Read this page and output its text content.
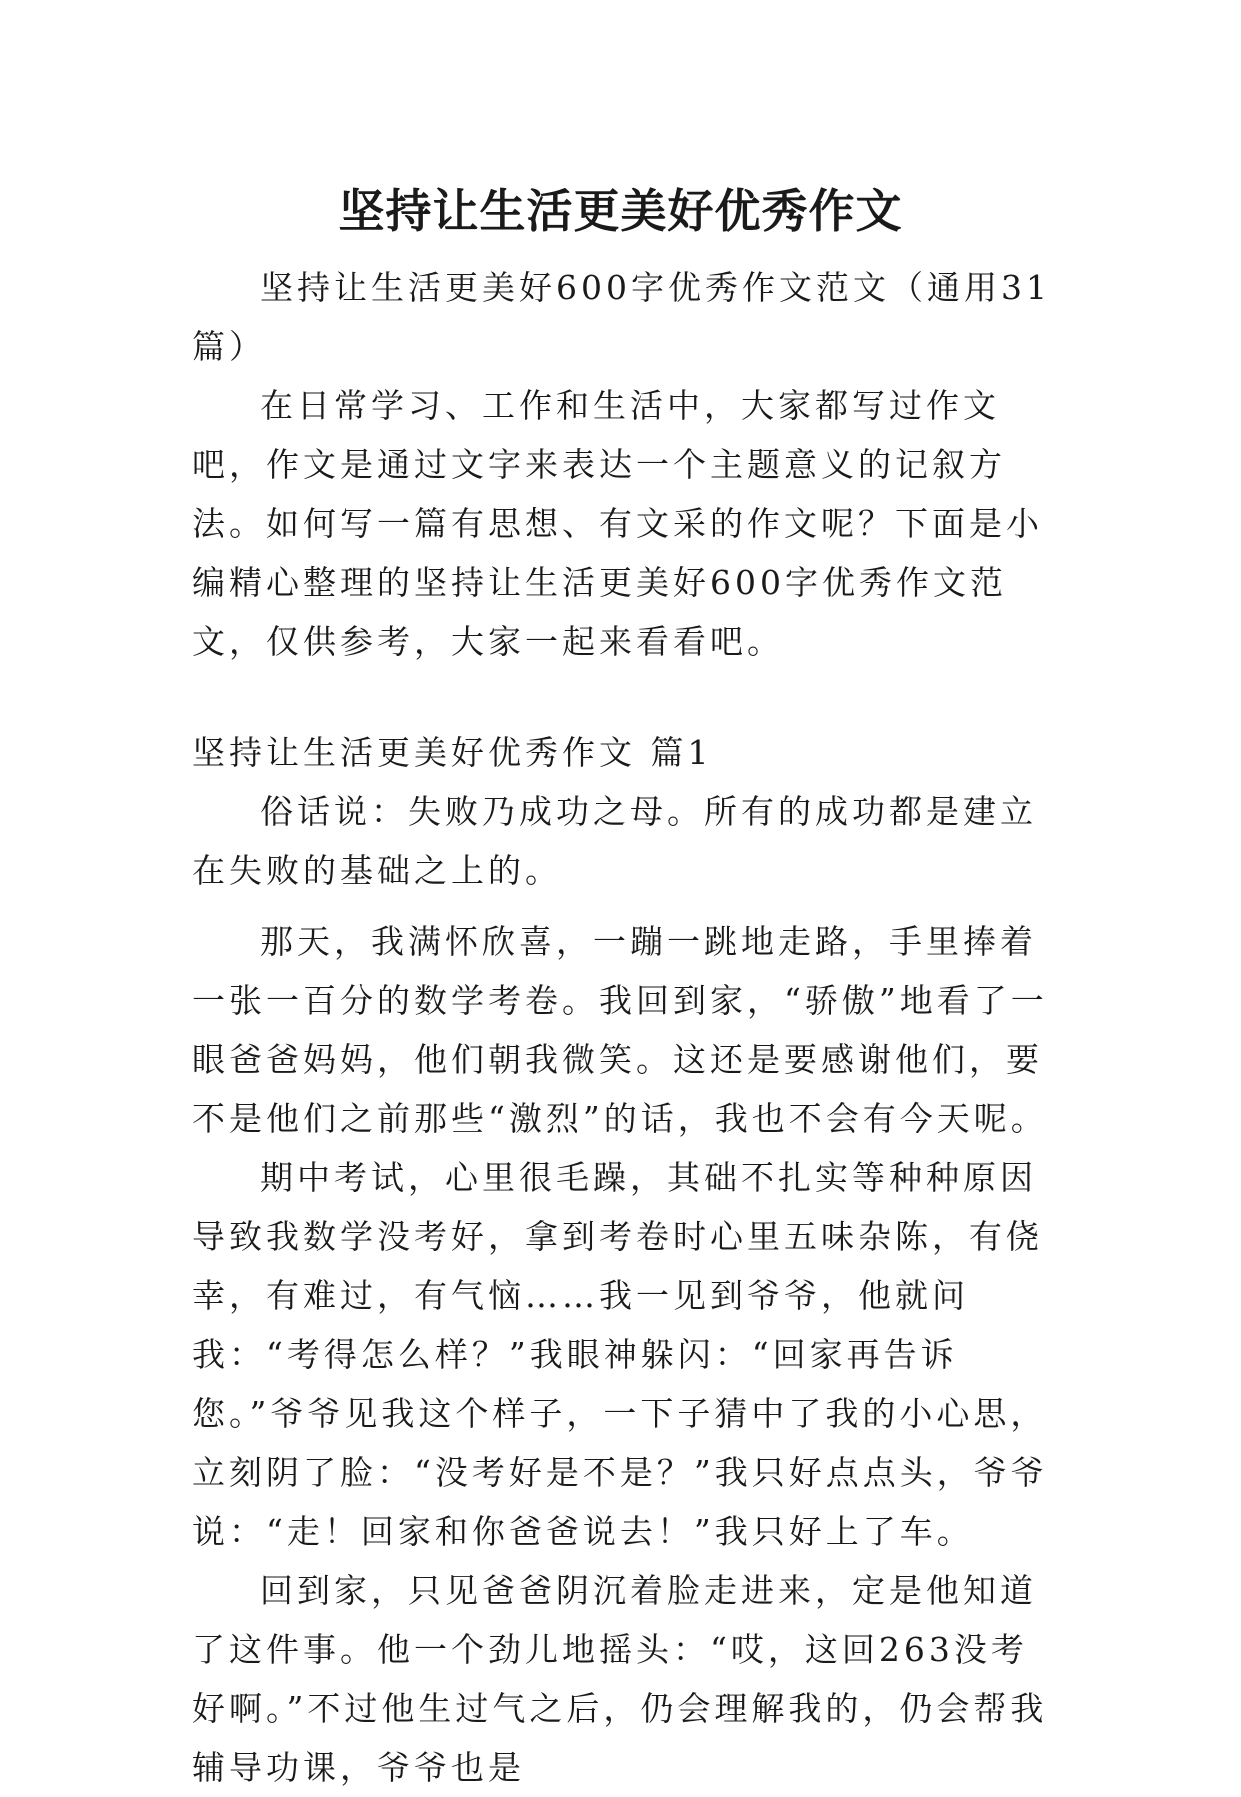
坚持让生活更美好优秀作文

坚持让生活更美好600字优秀作文范文（通用31篇）

在日常学习、工作和生活中，大家都写过作文吧，作文是通过文字来表达一个主题意义的记叙方法。如何写一篇有思想、有文采的作文呢？下面是小编精心整理的坚持让生活更美好600字优秀作文范文，仅供参考，大家一起来看看吧。

坚持让生活更美好优秀作文 篇1

俗话说：失败乃成功之母。所有的成功都是建立在失败的基础之上的。

那天，我满怀欣喜，一蹦一跳地走路，手里捧着一张一百分的数学考卷。我回到家，“骄傲”地看了一眼爸爸妈妈，他们朝我微笑。这还是要感谢他们，要不是他们之前那些“激烈”的话，我也不会有今天呢。

期中考试，心里很毛躁，其础不扎实等种种原因导致我数学没考好，拿到考卷时心里五味杂陈，有侥幸，有难过，有气恼……我一见到爷爷，他就问我：“考得怎么样？”我眼神躲闪：“回家再告诉您。”爷爷见我这个样子，一下子猜中了我的小心思，立刻阴了脸：“没考好是不是？”我只好点点头，爷爷说：“走！回家和你爸爸说去！”我只好上了车。

回到家，只见爸爸阴沉着脸走进来，定是他知道了这件事。他一个劲儿地摇头：“哎，这回263没考好啊。”不过他生过气之后，仍会理解我的，仍会帮我辅导功课，爷爷也是
